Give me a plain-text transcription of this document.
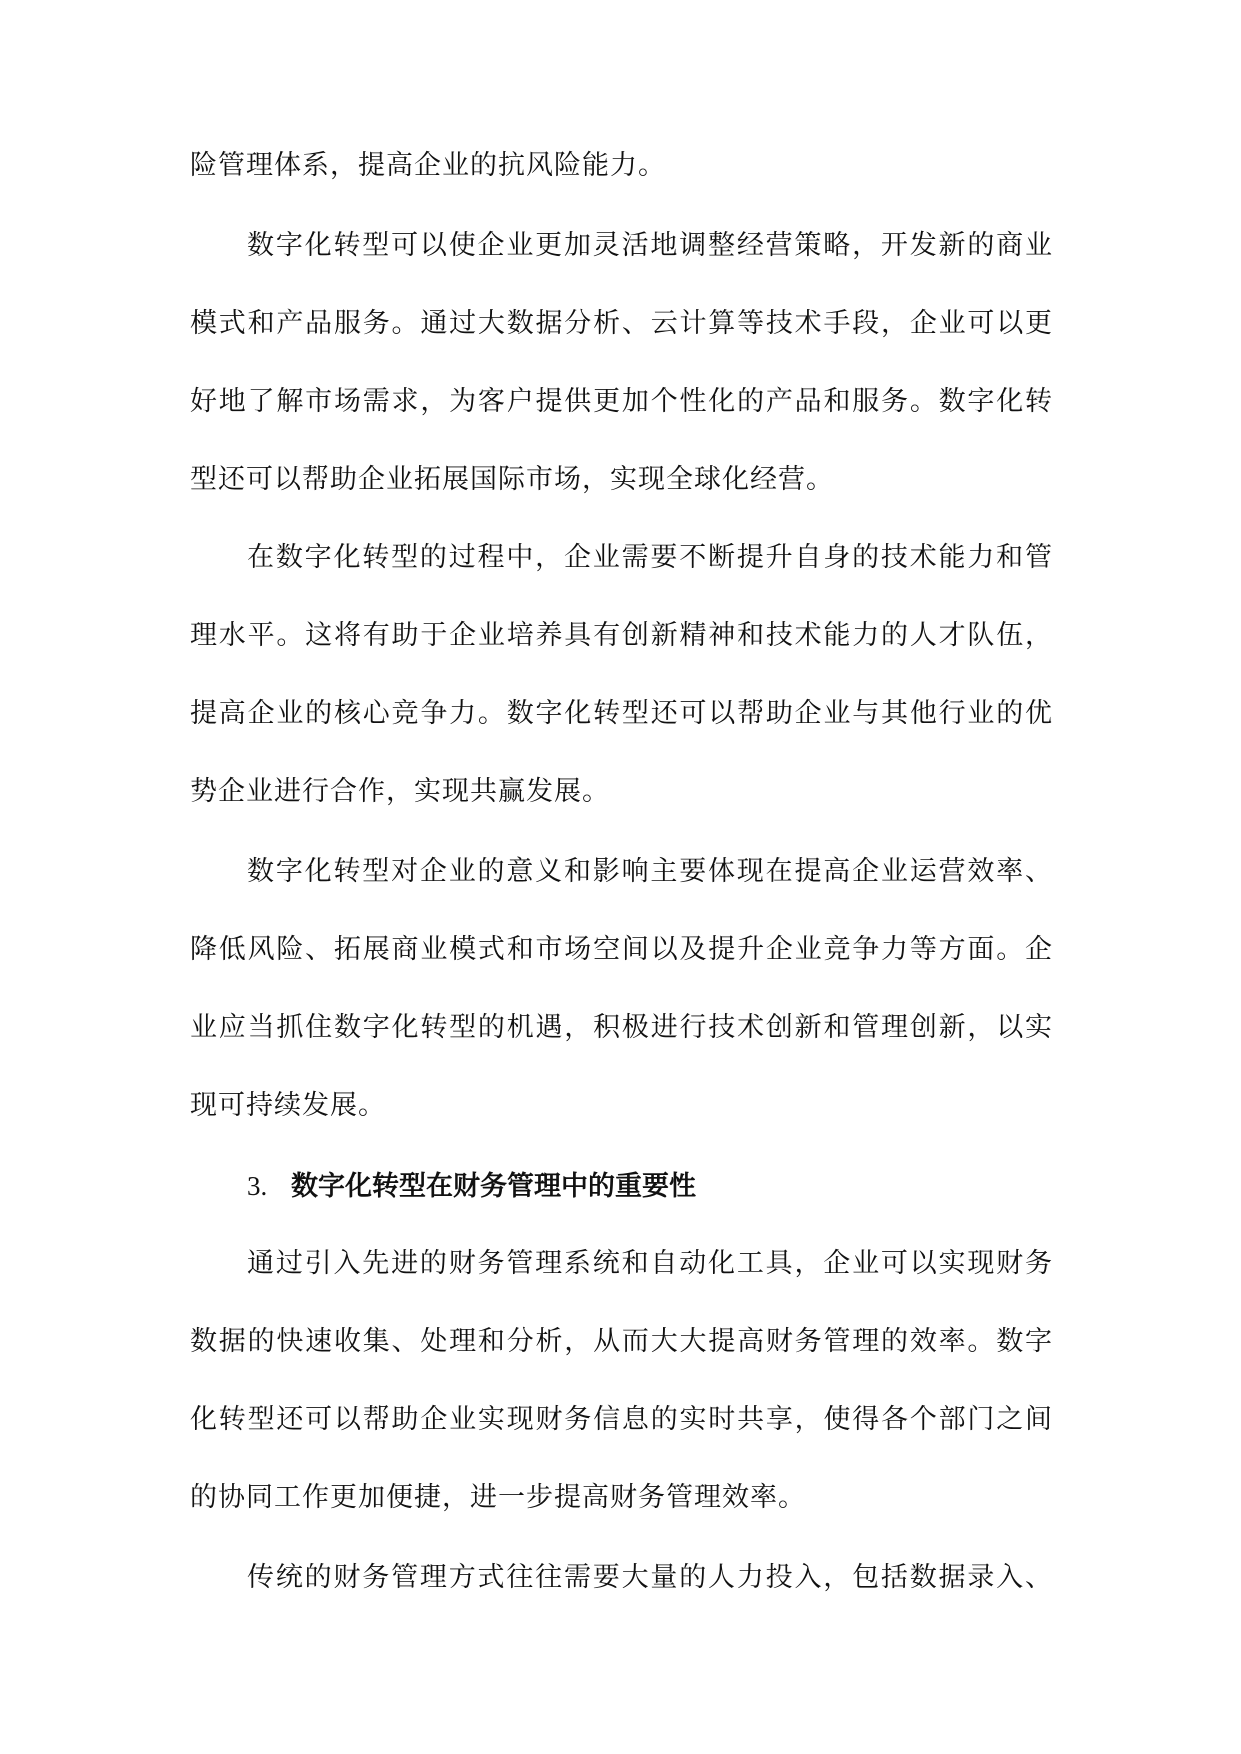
险管理体系，提高企业的抗风险能力。
数字化转型可以使企业更加灵活地调整经营策略，开发新的商业
模式和产品服务。通过大数据分析、云计算等技术手段，企业可以更
好地了解市场需求，为客户提供更加个性化的产品和服务。数字化转
型还可以帮助企业拓展国际市场，实现全球化经营。
在数字化转型的过程中，企业需要不断提升自身的技术能力和管
理水平。这将有助于企业培养具有创新精神和技术能力的人才队伍，
提高企业的核心竞争力。数字化转型还可以帮助企业与其他行业的优
势企业进行合作，实现共赢发展。
数字化转型对企业的意义和影响主要体现在提高企业运营效率、
降低风险、拓展商业模式和市场空间以及提升企业竞争力等方面。企
业应当抓住数字化转型的机遇，积极进行技术创新和管理创新，以实
现可持续发展。
3. 数字化转型在财务管理中的重要性
通过引入先进的财务管理系统和自动化工具，企业可以实现财务
数据的快速收集、处理和分析，从而大大提高财务管理的效率。数字
化转型还可以帮助企业实现财务信息的实时共享，使得各个部门之间
的协同工作更加便捷，进一步提高财务管理效率。
传统的财务管理方式往往需要大量的人力投入，包括数据录入、
